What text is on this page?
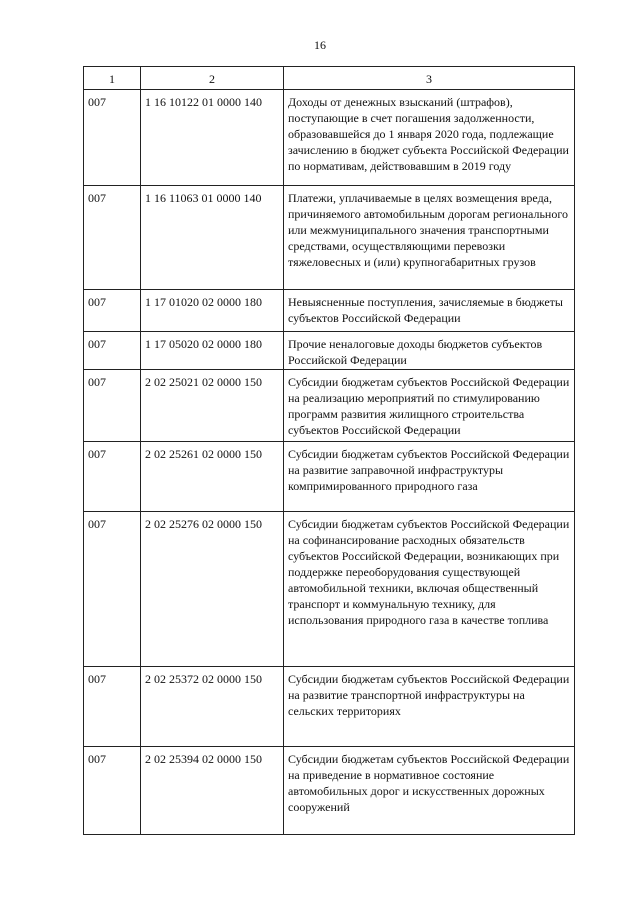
16
1	2	3
007	1 16 10122 01 0000 140	Доходы от денежных взысканий (штрафов), поступающие в счет погашения задолженности, образовавшейся до 1 января 2020 года, подлежащие зачислению в бюджет субъекта Российской Федерации по нормативам, действовавшим в 2019 году
007	1 16 11063 01 0000 140	Платежи, уплачиваемые в целях возмещения вреда, причиняемого автомобильным дорогам регионального или межмуниципального значения транспортными средствами, осуществляющими перевозки тяжеловесных и (или) крупногабаритных грузов
007	1 17 01020 02 0000 180	Невыясненные поступления, зачисляемые в бюджеты субъектов Российской Федерации
007	1 17 05020 02 0000 180	Прочие неналоговые доходы бюджетов субъектов Российской Федерации
007	2 02 25021 02 0000 150	Субсидии бюджетам субъектов Российской Федерации на реализацию мероприятий по стимулированию программ развития жилищного строительства субъектов Российской Федерации
007	2 02 25261 02 0000 150	Субсидии бюджетам субъектов Российской Федерации на развитие заправочной инфраструктуры компримированного природного газа
007	2 02 25276 02 0000 150	Субсидии бюджетам субъектов Российской Федерации на софинансирование расходных обязательств субъектов Российской Федерации, возникающих при поддержке переоборудования существующей автомобильной техники, включая общественный транспорт и коммунальную технику, для использования природного газа в качестве топлива
007	2 02 25372 02 0000 150	Субсидии бюджетам субъектов Российской Федерации на развитие транспортной инфраструктуры на сельских территориях
007	2 02 25394 02 0000 150	Субсидии бюджетам субъектов Российской Федерации на приведение в нормативное состояние автомобильных дорог и искусственных дорожных сооружений
